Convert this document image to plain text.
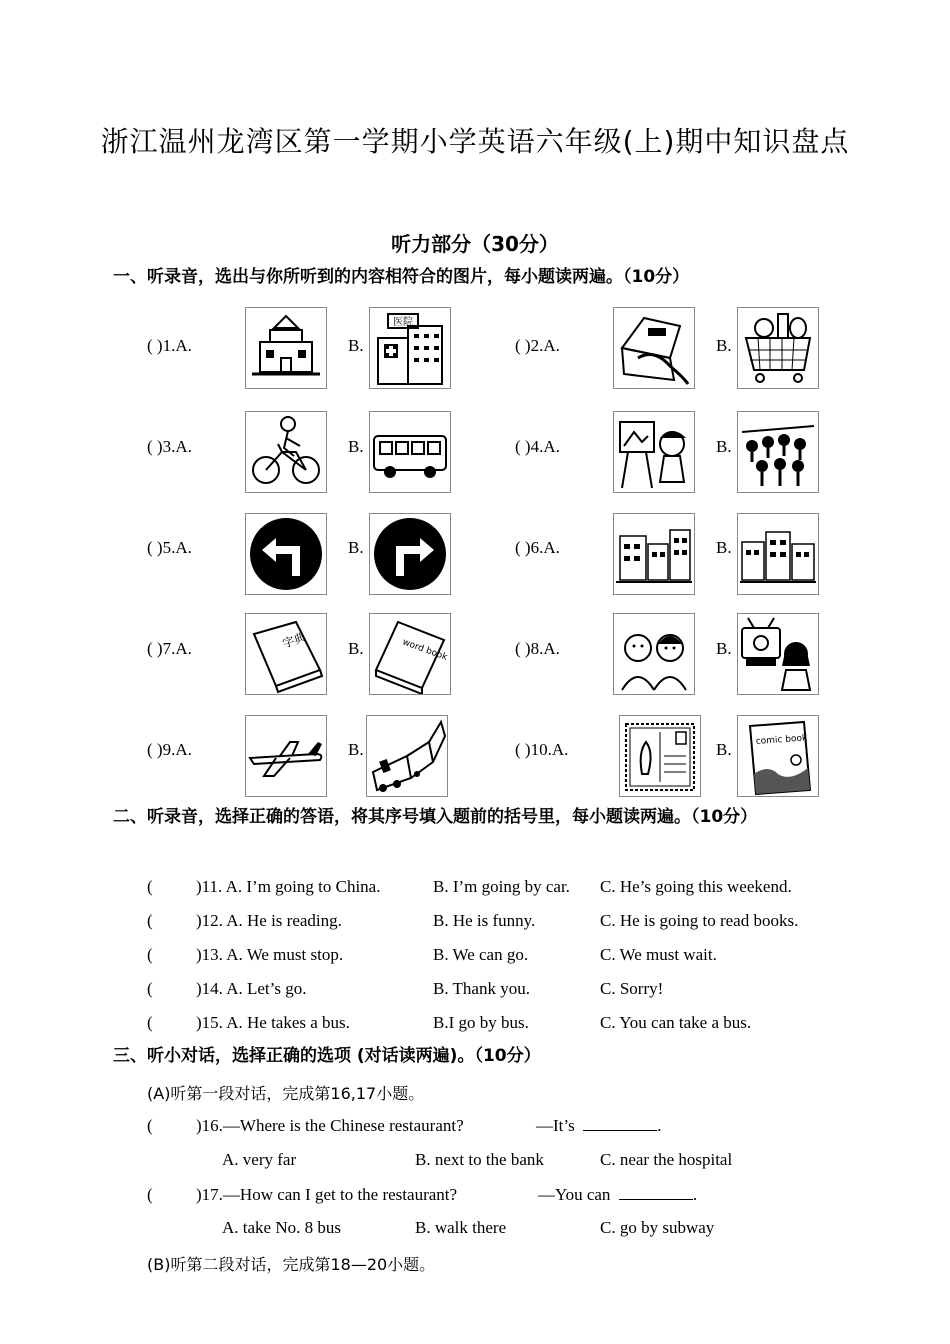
浙江温州龙湾区第一学期小学英语六年级(上)期中知识盘点
听力部分（30分）
一、听录音，选出与你所听到的内容相符合的图片，每小题读两遍。（10分）
( )1.A.	B.
医院
( )2.A.	B.
( )3.A.	B.	( )4.A.	B.
( )5.A.	B.	( )6.A.	B.
( )7.A.	字典 B.	word book	( )8.A.	B.
( )9.A.	B.	( )10.A.	B.	comic book
二、听录音，选择正确的答语，将其序号填入题前的括号里，每小题读两遍。（10分）
(	)11. A. I’m going to China.	B. I’m going by car. C. He’s going this weekend.
(	)12. A. He is reading.	B. He is funny.	C. He is going to read books.
(	)13. A. We must stop.	B. We can go.	C. We must wait.
(	)14. A. Let’s go.	B. Thank you.	C. Sorry!
(	)15. A. He takes a bus.	B.I go by bus.	C. You can take a bus.
三、听小对话，选择正确的选项 (对话读两遍)。（10分）
(A)听第一段对话，完成第16,17小题。
(	)16.—Where is the Chinese restaurant?	—It’s	.
A. very far	B. next to the bank	C. near the hospital
(	)17.—How can I get to the restaurant?	—You can	.
A. take No. 8 bus	B. walk there	C. go by subway
(B)听第二段对话，完成第18—20小题。
